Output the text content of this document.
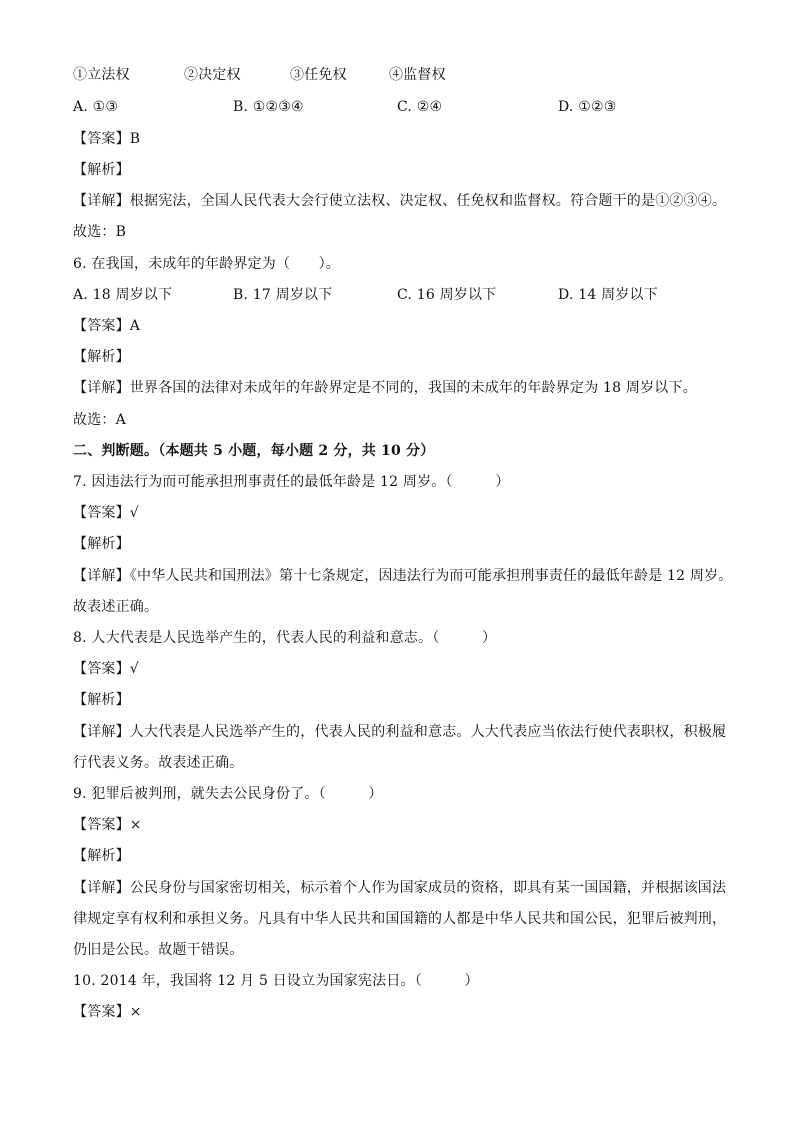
①立法权	②决定权	③任免权	④监督权
A. ①③	B. ①②③④	C. ②④	D. ①②③
【答案】B
【解析】
【详解】根据宪法，全国人民代表大会行使立法权、决定权、任免权和监督权。符合题干的是①②③④。
故选：B
6. 在我国，未成年的年龄界定为（　　）。
A. 18 周岁以下	B. 17 周岁以下	C. 16 周岁以下	D. 14 周岁以下
【答案】A
【解析】
【详解】世界各国的法律对未成年的年龄界定是不同的，我国的未成年的年龄界定为 18 周岁以下。
故选：A
二、判断题。（本题共 5 小题，每小题 2 分，共 10 分）
7. 因违法行为而可能承担刑事责任的最低年龄是 12 周岁。（　　　）
【答案】√
【解析】
【详解】《中华人民共和国刑法》第十七条规定，因违法行为而可能承担刑事责任的最低年龄是 12 周岁。
故表述正确。
8. 人大代表是人民选举产生的，代表人民的利益和意志。（　　　）
【答案】√
【解析】
【详解】人大代表是人民选举产生的，代表人民的利益和意志。人大代表应当依法行使代表职权，积极履
行代表义务。故表述正确。
9. 犯罪后被判刑，就失去公民身份了。（　　　）
【答案】×
【解析】
【详解】公民身份与国家密切相关，标示着个人作为国家成员的资格，即具有某一国国籍，并根据该国法
律规定享有权利和承担义务。凡具有中华人民共和国国籍的人都是中华人民共和国公民，犯罪后被判刑，
仍旧是公民。故题干错误。
10. 2014 年，我国将 12 月 5 日设立为国家宪法日。（　　　）
【答案】×
